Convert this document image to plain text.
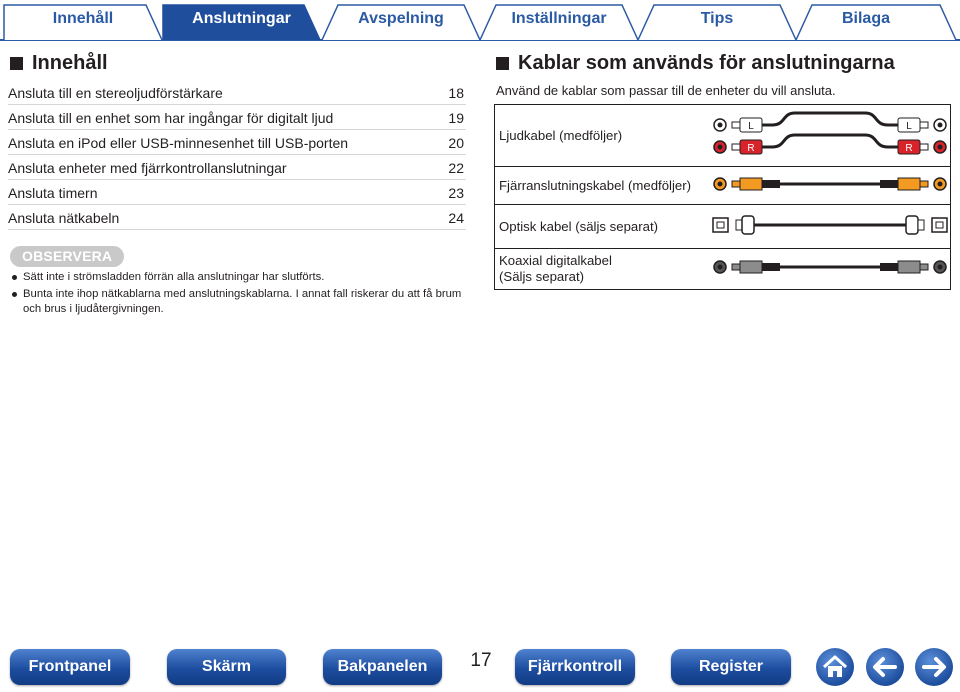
Innehåll	Anslutningar	Avspelning	Inställningar	Tips	Bilaga
Innehåll
Ansluta till en stereoljudförstärkare	18
Ansluta till en enhet som har ingångar för digitalt ljud	19
Ansluta en iPod eller USB-minnesenhet till USB-porten	20
Ansluta enheter med fjärrkontrollanslutningar	22
Ansluta timern	23
Ansluta nätkabeln	24
OBSERVERA
Sätt inte i strömsladden förrän alla anslutningar har slutförts.
Bunta inte ihop nätkablarna med anslutningskablarna. I annat fall riskerar du att få brum och brus i ljudåtergivningen.
Kablar som används för anslutningarna
Använd de kablar som passar till de enheter du vill ansluta.
Ljudkabel (medföljer)	L
R
L
R

Fjärranslutningskabel (medföljer)	
Optisk kabel (säljs separat)	

Koaxial digitalkabel
(Säljs separat)

Frontpanel	Skärm	Bakpanelen	17	Fjärrkontroll	Register
